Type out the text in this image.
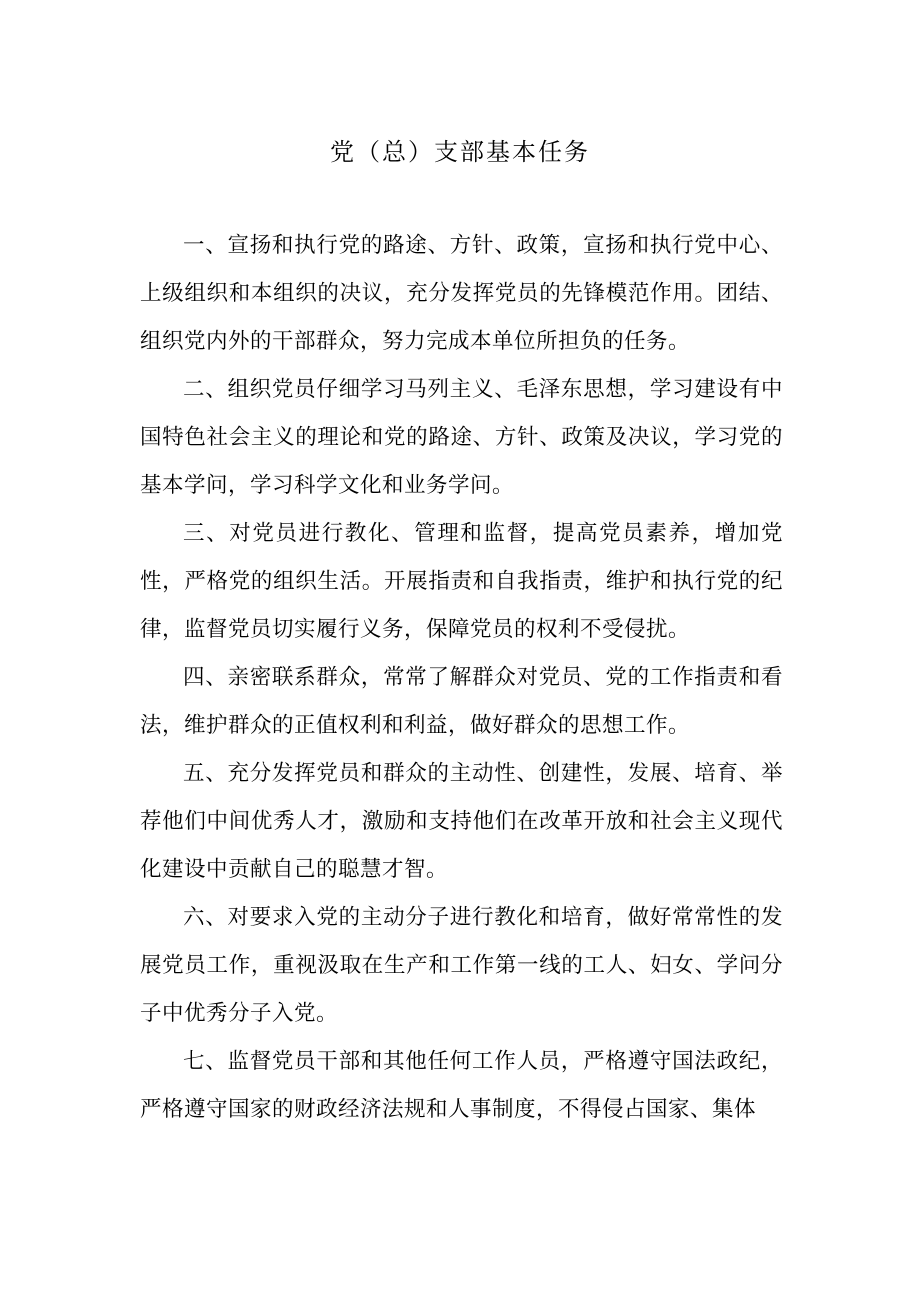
党（总）支部基本任务

一、宣扬和执行党的路途、方针、政策，宣扬和执行党中心、上级组织和本组织的决议，充分发挥党员的先锋模范作用。团结、组织党内外的干部群众，努力完成本单位所担负的任务。

二、组织党员仔细学习马列主义、毛泽东思想，学习建设有中国特色社会主义的理论和党的路途、方针、政策及决议，学习党的基本学问，学习科学文化和业务学问。

三、对党员进行教化、管理和监督，提高党员素养，增加党性，严格党的组织生活。开展指责和自我指责，维护和执行党的纪律，监督党员切实履行义务，保障党员的权利不受侵扰。

四、亲密联系群众，常常了解群众对党员、党的工作指责和看法，维护群众的正值权利和利益，做好群众的思想工作。

五、充分发挥党员和群众的主动性、创建性，发展、培育、举荐他们中间优秀人才，激励和支持他们在改革开放和社会主义现代化建设中贡献自己的聪慧才智。

六、对要求入党的主动分子进行教化和培育，做好常常性的发展党员工作，重视汲取在生产和工作第一线的工人、妇女、学问分子中优秀分子入党。

七、监督党员干部和其他任何工作人员，严格遵守国法政纪，严格遵守国家的财政经济法规和人事制度，不得侵占国家、集体
